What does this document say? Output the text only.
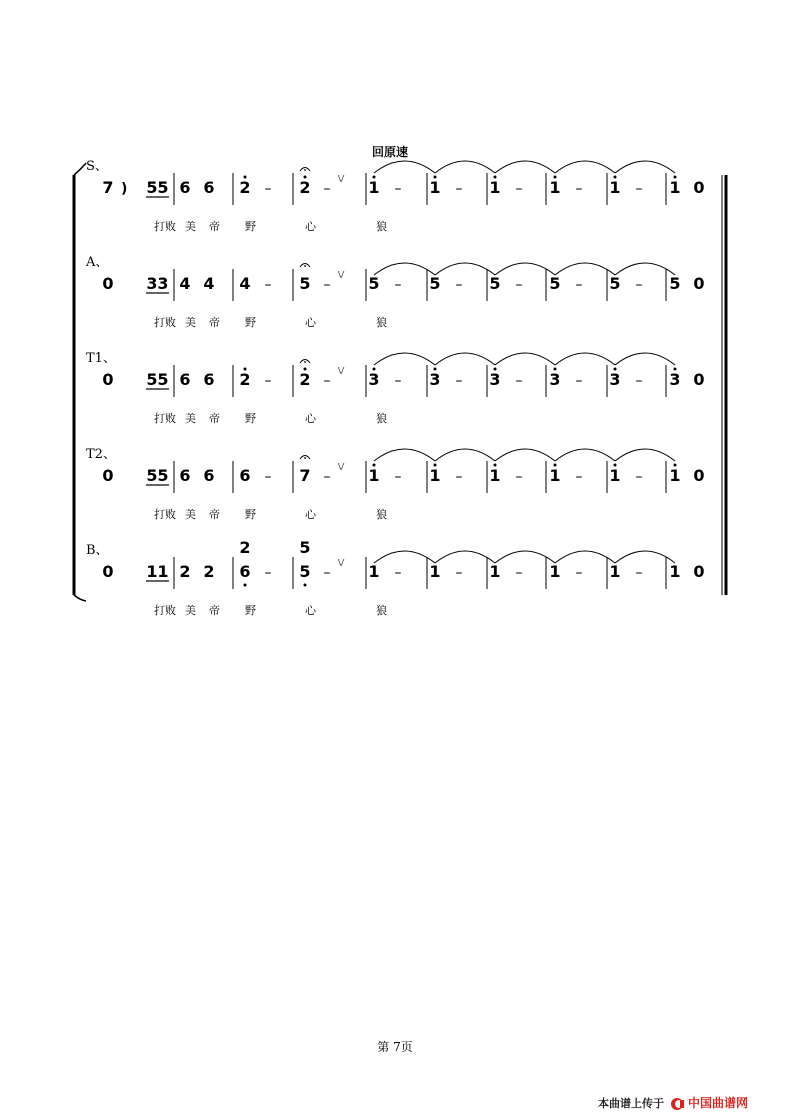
S、
7 ) 5 5 6 6 2 – 2 –
V 1 – 1 – 1 – 1 – 1 – 1 0
打败 美 帝 野	心	狼
A、
0 3 3 4 4 4 – 5 –
V 5 – 5 – 5 – 5 – 5 – 5 0
打败 美 帝 野	心	狼
T1、
0 5 5 6 6 2 – 2 –
V 3 – 3 – 3 – 3 – 3 – 3 0
打败 美 帝 野	心	狼
T2、
0 5 5 6 6 6 – 7 –
V 1 – 1 – 1 – 1 – 1 – 1 0
打败 美 帝 野	心	狼
B、
0 1 1 2 2 6
2
– 5
5
–
V 1 – 1 – 1 – 1 – 1 – 1 0
打败 美 帝 野	心	狼
回原速
第 7页
本曲谱上传于 中国曲谱网
